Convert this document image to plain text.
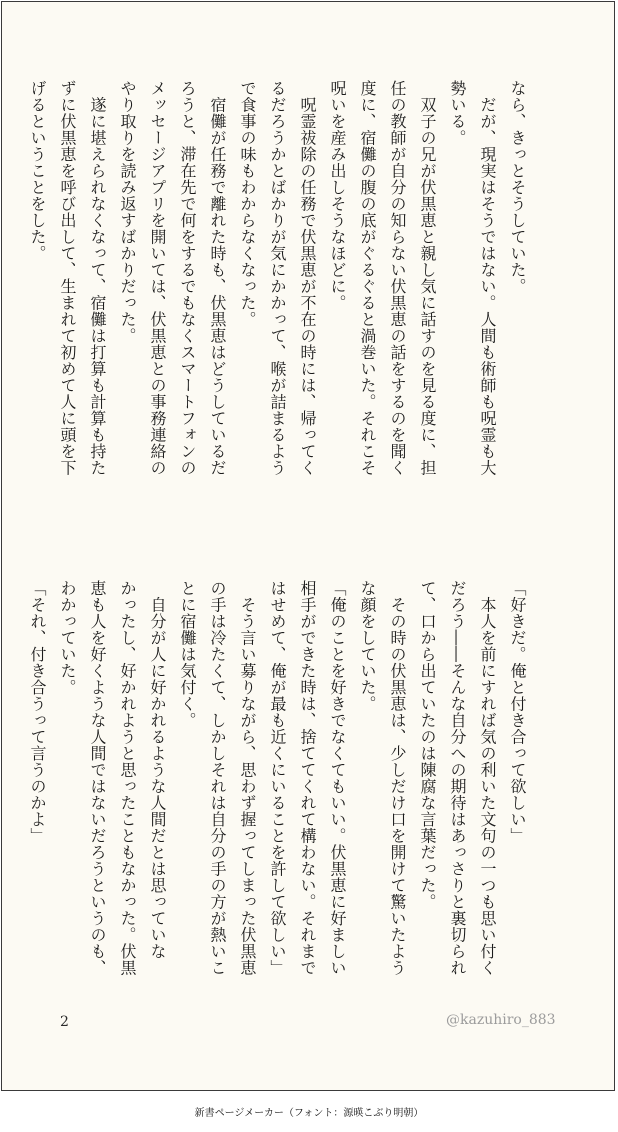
なら、きっとそうしていた。

　だが、現実はそうではない。人間も術師も呪霊も大

勢いる。

　双子の兄が伏黒恵と親し気に話すのを見る度に、担

任の教師が自分の知らない伏黒恵の話をするのを聞く

度に、宿儺の腹の底がぐるぐると渦巻いた。それこそ

呪いを産み出しそうなほどに。

　呪霊祓除の任務で伏黒恵が不在の時には、帰ってく

るだろうかとばかりが気にかかって、喉が詰まるよう

で食事の味もわからなくなった。

　宿儺が任務で離れた時も、伏黒恵はどうしているだ

ろうと、滞在先で何をするでもなくスマートフォンの

メッセージアプリを開いては、伏黒恵との事務連絡の

やり取りを読み返すばかりだった。

　遂に堪えられなくなって、宿儺は打算も計算も持た

ずに伏黒恵を呼び出して、生まれて初めて人に頭を下

げるということをした。

「好きだ。俺と付き合って欲しい」

　本人を前にすれば気の利いた文句の一つも思い付く

だろう――そんな自分への期待はあっさりと裏切られ

て、口から出ていたのは陳腐な言葉だった。

　その時の伏黒恵は、少しだけ口を開けて驚いたよう

な顔をしていた。

「俺のことを好きでなくてもいい。伏黒恵に好ましい

相手ができた時は、捨ててくれて構わない。それまで

はせめて、俺が最も近くにいることを許して欲しい」

　そう言い募りながら、思わず握ってしまった伏黒恵

の手は冷たくて、しかしそれは自分の手の方が熱いこ

とに宿儺は気付く。

　自分が人に好かれるような人間だとは思っていな

かったし、好かれようと思ったこともなかった。伏黒

恵も人を好くような人間ではないだろうというのも、

わかっていた。

「それ、付き合うって言うのかよ」

2	@kazuhiro_883
新書ページメーカー（フォント：源暎こぶり明朝）
